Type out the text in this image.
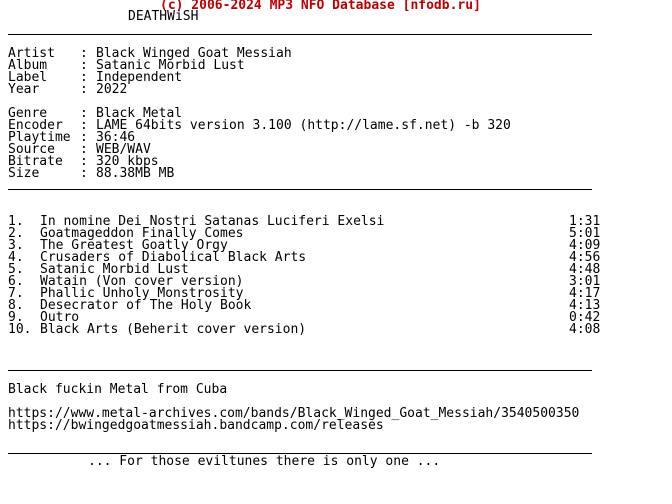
(c) 2006-2024 MP3 NFO Database [nfodb.ru]
DEATHWiSH
Artist : Black Winged Goat Messiah
Album	: Satanic Morbid Lust
Label	: Independent
Year	: 2022
Genre	: Black Metal
Encoder : LAME 64bits version 3.100 (http://lame.sf.net) -b 320
Playtime : 36:46
Source : WEB/WAV
Bitrate : 320 kbps
Size	: 88.38MB MB
1. In nomine Dei Nostri Satanas Luciferi Exelsi	1:31
2. Goatmageddon Finally Comes	5:01
3. The Greatest Goatly Orgy	4:09
4. Crusaders of Diabolical Black Arts	4:56
5. Satanic Morbid Lust	4:48
6. Watain (Von cover version)	3:01
7. Phallic Unholy Monstrosity	4:17
8. Desecrator of The Holy Book	4:13
9. Outro	0:42
10. Black Arts (Beherit cover version)	4:08
Black fuckin Metal from Cuba
https://www.metal-archives.com/bands/Black_Winged_Goat_Messiah/3540500350
https://bwingedgoatmessiah.bandcamp.com/releases
... For those eviltunes there is only one ...
